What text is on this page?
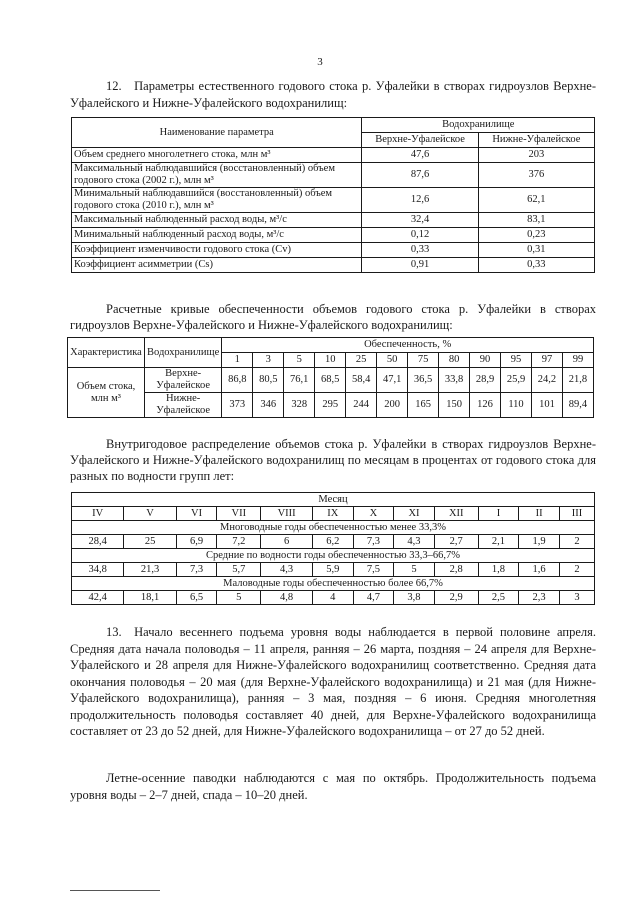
3
12. Параметры естественного годового стока р. Уфалейки в створах гидроузлов Верхне-Уфалейского и Нижне-Уфалейского водохранилищ:
Наименование параметра	Водохранилище	
	Верхне-Уфалейское	Нижне-Уфалейское
Объем среднего многолетнего стока, млн м³	47,6	203
Максимальный наблюдавшийся (восстановленный) объем годового стока (2002 г.), млн м³	87,6	376
Минимальный наблюдавшийся (восстановленный) объем годового стока (2010 г.), млн м³	12,6	62,1
Максимальный наблюденный расход воды, м³/с	32,4	83,1
Минимальный наблюденный расход воды, м³/с	0,12	0,23
Коэффициент изменчивости годового стока (Cv)	0,33	0,31
Коэффициент асимметрии (Cs)	0,91	0,33
Расчетные кривые обеспеченности объемов годового стока р. Уфалейки в створах гидроузлов Верхне-Уфалейского и Нижне-Уфалейского водохранилищ:
Характеристика	Водохранилище	Обеспеченность, %											
		1	3	5	10	25	50	75	80	90	95	97	99
Объем стока, млн м³	Верхне-Уфалейское	86,8	80,5	76,1	68,5	58,4	47,1	36,5	33,8	28,9	25,9	24,2	21,8
	Нижне-Уфалейское	373	346	328	295	244	200	165	150	126	110	101	89,4
Внутригодовое распределение объемов стока р. Уфалейки в створах гидроузлов Верхне-Уфалейского и Нижне-Уфалейского водохранилищ по месяцам в процентах от годового стока для разных по водности групп лет:
Месяц											
IV	V	VI	VII	VIII	IX	X	XI	XII	I	II	III
Многоводные годы обеспеченностью менее 33,3%											
28,4	25	6,9	7,2	6	6,2	7,3	4,3	2,7	2,1	1,9	2
Средние по водности годы обеспеченностью 33,3–66,7%											
34,8	21,3	7,3	5,7	4,3	5,9	7,5	5	2,8	1,8	1,6	2
Маловодные годы обеспеченностью более 66,7%											
42,4	18,1	6,5	5	4,8	4	4,7	3,8	2,9	2,5	2,3	3
13. Начало весеннего подъема уровня воды наблюдается в первой половине апреля. Средняя дата начала половодья – 11 апреля, ранняя – 26 марта, поздняя – 24 апреля для Верхне-Уфалейского и 28 апреля для Нижне-Уфалейского водохранилищ соответственно. Средняя дата окончания половодья – 20 мая (для Верхне-Уфалейского водохранилища) и 21 мая (для Нижне-Уфалейского водохранилища), ранняя – 3 мая, поздняя – 6 июня. Средняя многолетняя продолжительность половодья составляет 40 дней, для Верхне-Уфалейского водохранилища составляет от 23 до 52 дней, для Нижне-Уфалейского водохранилища – от 27 до 52 дней.
Летне-осенние паводки наблюдаются с мая по октябрь. Продолжительность подъема уровня воды – 2–7 дней, спада – 10–20 дней.
